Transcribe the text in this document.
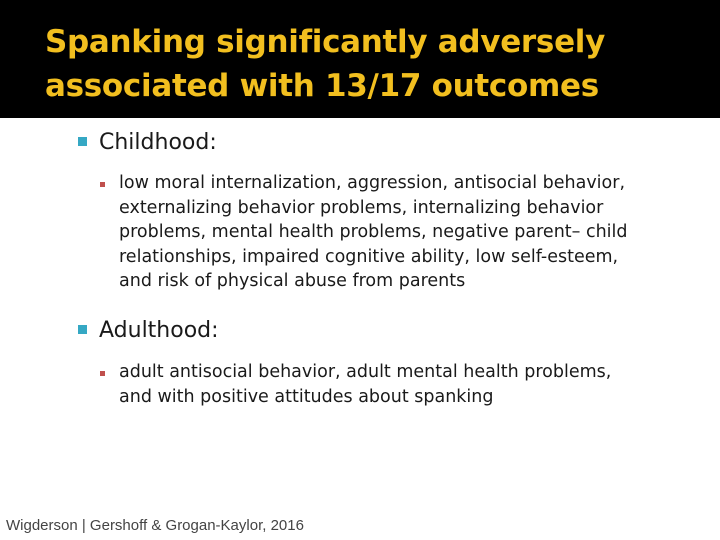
Spanking significantly adversely
associated with 13/17 outcomes
Childhood:
low moral internalization, aggression, antisocial behavior,
externalizing behavior problems, internalizing behavior
problems, mental health problems, negative parent– child
relationships, impaired cognitive ability, low self-esteem,
and risk of physical abuse from parents
Adulthood:
adult antisocial behavior, adult mental health problems,
and with positive attitudes about spanking
Wigderson | Gershoff & Grogan-Kaylor, 2016
